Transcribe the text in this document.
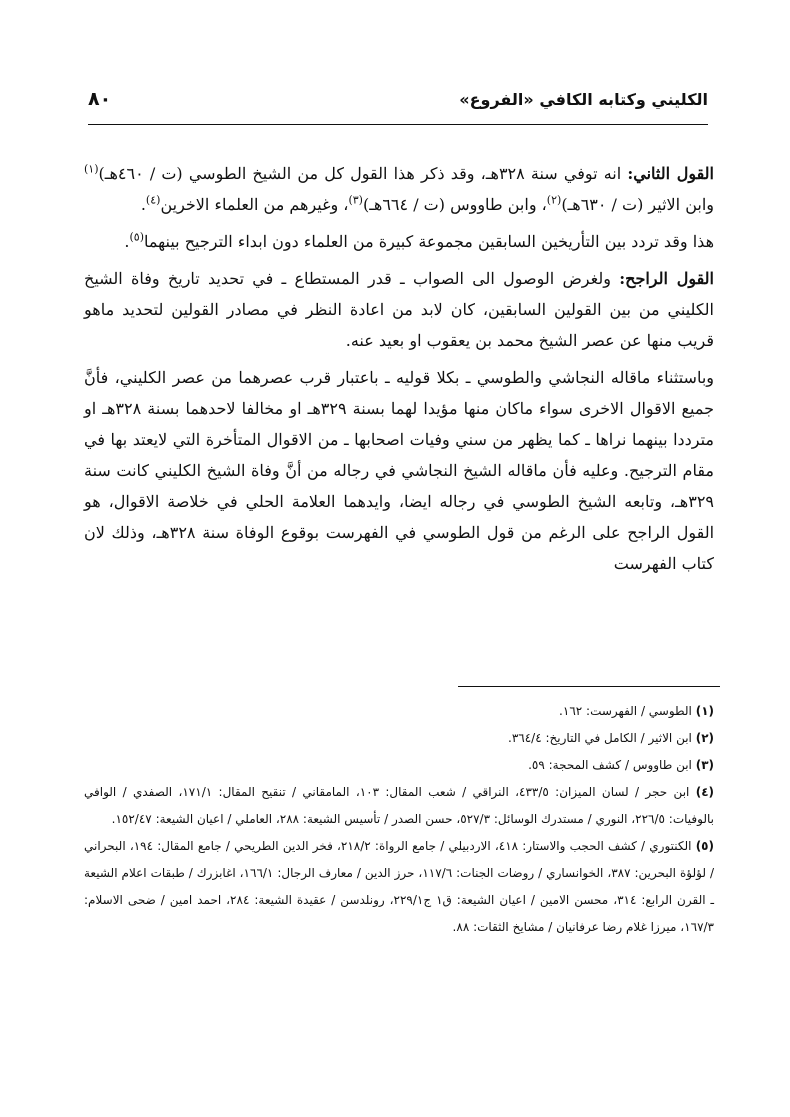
الكليني وكتابه الكافي «الفروع»
٨٠

القول الثاني: انه توفي سنة ٣٢٨هـ، وقد ذكر هذا القول كل من الشيخ الطوسي (ت / ٤٦٠هـ)$^{(١)}$ وابن الاثير (ت / ٦٣٠هـ)$^{(٢)}$، وابن طاووس (ت / ٦٦٤هـ)$^{(٣)}$، وغيرهم من العلماء الاخرين$^{(٤)}$.

هذا وقد تردد بين التأريخين السابقين مجموعة كبيرة من العلماء دون ابداء الترجيح بينهما$^{(٥)}$.

القول الراجح: ولغرض الوصول الى الصواب ـ قدر المستطاع ـ في تحديد تاريخ وفاة الشيخ الكليني من بين القولين السابقين، كان لابد من اعادة النظر في مصادر القولين لتحديد ماهو قريب منها عن عصر الشيخ محمد بن يعقوب او بعيد عنه.

وباستثناء ماقاله النجاشي والطوسي ـ بكلا قوليه ـ باعتبار قرب عصرهما من عصر الكليني، فأنَّ جميع الاقوال الاخرى سواء ماكان منها مؤيدا لهما بسنة ٣٢٩هـ او مخالفا لاحدهما بسنة ٣٢٨هـ او مترددا بينهما نراها ـ كما يظهر من سني وفيات اصحابها ـ من الاقوال المتأخرة التي لايعتد بها في مقام الترجيح. وعليه فأن ماقاله الشيخ النجاشي في رجاله من أنَّ وفاة الشيخ الكليني كانت سنة ٣٢٩هـ، وتابعه الشيخ الطوسي في رجاله ايضا، وايدهما العلامة الحلي في خلاصة الاقوال، هو القول الراجح على الرغم من قول الطوسي في الفهرست بوقوع الوفاة سنة ٣٢٨هـ، وذلك لان كتاب الفهرست

(١) الطوسي / الفهرست: ١٦٢.

(٢) ابن الاثير / الكامل في التاريخ: ٣٦٤/٤.

(٣) ابن طاووس / كشف المحجة: ٥٩.

(٤) ابن حجر / لسان الميزان: ٤٣٣/٥، النراقي / شعب المقال: ١٠٣، المامقاني / تنقيح المقال: ١٧١/١، الصفدي / الوافي بالوفيات: ٢٢٦/٥، النوري / مستدرك الوسائل: ٥٢٧/٣، حسن الصدر / تأسيس الشيعة: ٢٨٨، العاملي / اعيان الشيعة: ١٥٢/٤٧.

(٥) الكنتوري / كشف الحجب والاستار: ٤١٨، الاردبيلي / جامع الرواة: ٢١٨/٢، فخر الدين الطريحي / جامع المقال: ١٩٤، البحراني / لؤلؤة البحرين: ٣٨٧، الخوانساري / روضات الجنات: ١١٧/٦، حرز الدين / معارف الرجال: ١٦٦/١، اغابزرك / طبقات اعلام الشيعة ـ القرن الرابع: ٣١٤، محسن الامين / اعيان الشيعة: ق١ ج٢٢٩/١، رونلدسن / عقيدة الشيعة: ٢٨٤، احمد امين / ضحى الاسلام: ١٦٧/٣، ميرزا غلام رضا عرفانيان / مشايخ الثقات: ٨٨.
